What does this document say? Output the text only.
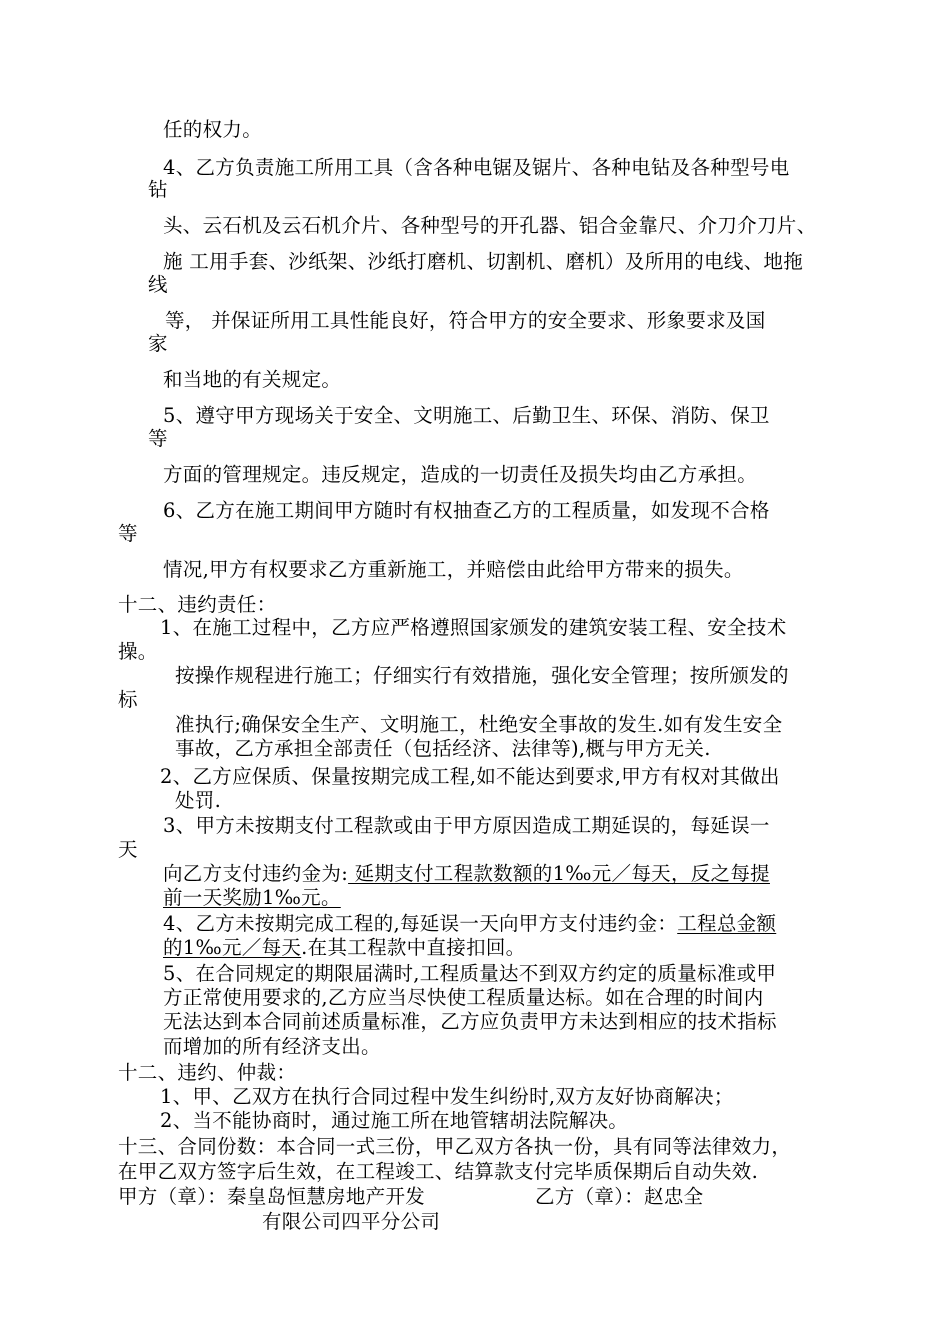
任的权力。
4、乙方负责施工所用工具（含各种电锯及锯片、各种电钻及各种型号电
钻
头、云石机及云石机介片、各种型号的开孔器、铝合金靠尺、介刀介刀片、
施 工用手套、沙纸架、沙纸打磨机、切割机、磨机）及所用的电线、地拖
线
等， 并保证所用工具性能良好，符合甲方的安全要求、形象要求及国
家
和当地的有关规定。
5、遵守甲方现场关于安全、文明施工、后勤卫生、环保、消防、保卫
等
方面的管理规定。违反规定，造成的一切责任及损失均由乙方承担。
6、乙方在施工期间甲方随时有权抽查乙方的工程质量，如发现不合格
等
情况,甲方有权要求乙方重新施工，并赔偿由此给甲方带来的损失。
十二、违约责任：
1、在施工过程中，乙方应严格遵照国家颁发的建筑安装工程、安全技术
操。
按操作规程进行施工；仔细实行有效措施，强化安全管理；按所颁发的
标
准执行;确保安全生产、文明施工，杜绝安全事故的发生.如有发生安全
事故，乙方承担全部责任（包括经济、法律等),概与甲方无关.
2、乙方应保质、保量按期完成工程,如不能达到要求,甲方有权对其做出
处罚.
3、甲方未按期支付工程款或由于甲方原因造成工期延误的，每延误一
天
向乙方支付违约金为: 延期支付工程款数额的1‰元／每天，反之每提
前一天奖励1‰元。
4、乙方未按期完成工程的,每延误一天向甲方支付违约金：工程总金额
的1‰元／每天.在其工程款中直接扣回。
5、在合同规定的期限届满时,工程质量达不到双方约定的质量标准或甲
方正常使用要求的,乙方应当尽快使工程质量达标。如在合理的时间内
无法达到本合同前述质量标准，乙方应负责甲方未达到相应的技术指标
而增加的所有经济支出。
十二、违约、仲裁：
1、甲、乙双方在执行合同过程中发生纠纷时,双方友好协商解决；
2、当不能协商时，通过施工所在地管辖胡法院解决。
十三、合同份数：本合同一式三份，甲乙双方各执一份，具有同等法律效力，
在甲乙双方签字后生效，在工程竣工、结算款支付完毕质保期后自动失效.
甲方（章）：秦皇岛恒慧房地产开发	乙方（章）：赵忠全
有限公司四平分公司
